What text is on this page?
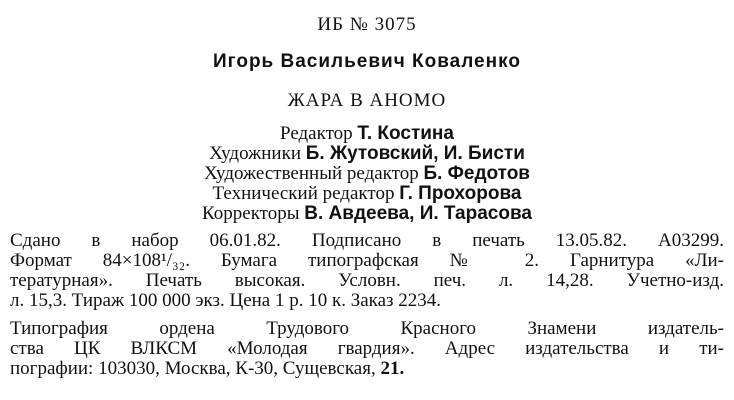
ИБ № 3075
Игорь Васильевич Коваленко
ЖАРА В АНОМО
Редактор Т. Костина
Художники Б. Жутовский, И. Бисти
Художественный редактор Б. Федотов
Технический редактор Г. Прохорова
Корректоры В. Авдеева, И. Тарасова
Сдано в набор 06.01.82. Подписано в печать 13.05.82. А03299.
Формат 84×108¹/₃₂. Бумага типографская № 2. Гарнитура «Ли-
тературная». Печать высокая. Условн. печ. л. 14,28. Учетно-изд.
л. 15,3. Тираж 100 000 экз. Цена 1 р. 10 к. Заказ 2234.
Типография ордена Трудового Красного Знамени издатель-
ства ЦК ВЛКСМ «Молодая гвардия». Адрес издательства и ти-
пографии: 103030, Москва, К-30, Сущевская, 21.
